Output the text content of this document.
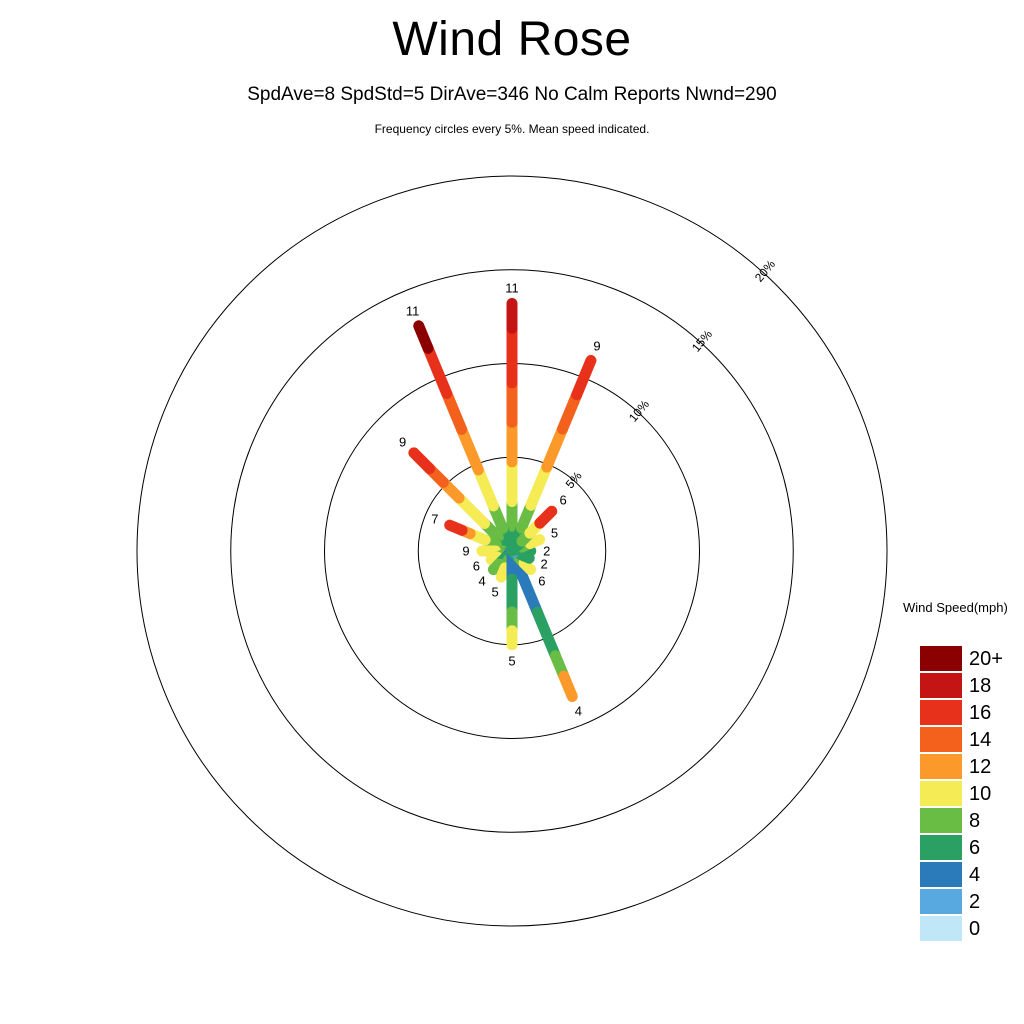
Wind Rose
SpdAve=8 SpdStd=5 DirAve=346 No Calm Reports Nwnd=290
Frequency circles every 5%. Mean speed indicated.
5%
10%
15%
20%
11
9
11
9
7
9
6
4
5
5
4
6
2
2
5
6
Wind Speed(mph)
20+
18
16
14
12
10
8
6
4
2
0
